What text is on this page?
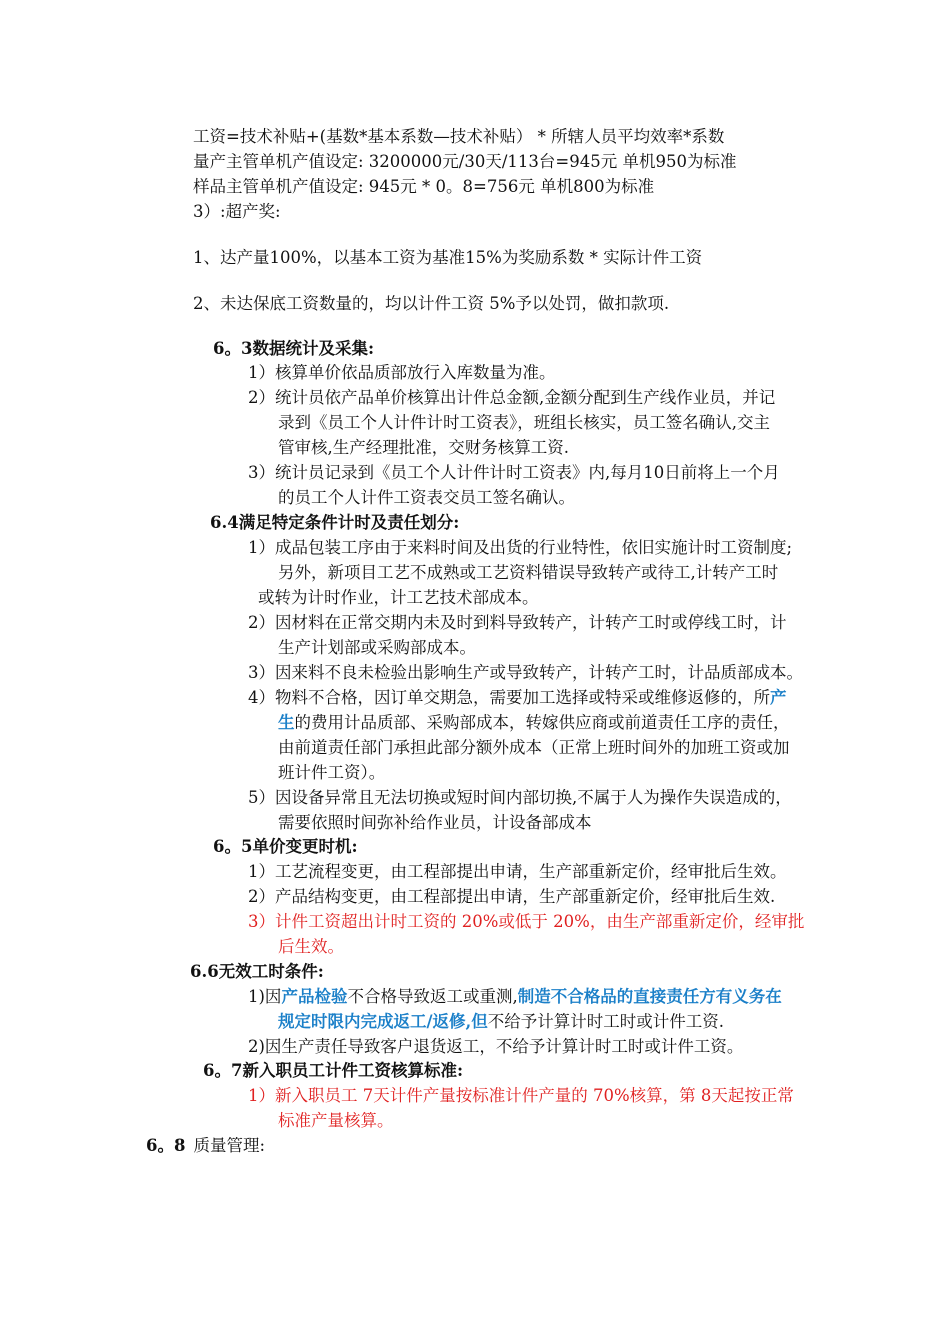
工资=技术补贴+(基数*基本系数—技术补贴） * 所辖人员平均效率*系数
量产主管单机产值设定: 3200000元/30天/113台=945元 单机950为标准
样品主管单机产值设定: 945元 * 0。8=756元 单机800为标准
3）:超产奖:
1、达产量100%，以基本工资为基准15%为奖励系数 * 实际计件工资
2、未达保底工资数量的，均以计件工资 5%予以处罚，做扣款项.
6。3数据统计及采集:
1）核算单价依品质部放行入库数量为准。
2）统计员依产品单价核算出计件总金额,金额分配到生产线作业员，并记
录到《员工个人计件计时工资表》，班组长核实，员工签名确认,交主
管审核,生产经理批准，交财务核算工资.
3）统计员记录到《员工个人计件计时工资表》内,每月10日前将上一个月
的员工个人计件工资表交员工签名确认。
6.4满足特定条件计时及责任划分:
1）成品包装工序由于来料时间及出货的行业特性，依旧实施计时工资制度;
另外，新项目工艺不成熟或工艺资料错误导致转产或待工,计转产工时
或转为计时作业，计工艺技术部成本。
2）因材料在正常交期内未及时到料导致转产，计转产工时或停线工时，计
生产计划部或采购部成本。
3）因来料不良未检验出影响生产或导致转产，计转产工时，计品质部成本。
4）物料不合格，因订单交期急，需要加工选择或特采或维修返修的，所产
生的费用计品质部、采购部成本，转嫁供应商或前道责任工序的责任，
由前道责任部门承担此部分额外成本（正常上班时间外的加班工资或加
班计件工资）。
5）因设备异常且无法切换或短时间内部切换,不属于人为操作失误造成的，
需要依照时间弥补给作业员，计设备部成本
6。5单价变更时机:
1）工艺流程变更，由工程部提出申请，生产部重新定价，经审批后生效。
2）产品结构变更，由工程部提出申请，生产部重新定价，经审批后生效.
3）计件工资超出计时工资的 20%或低于 20%，由生产部重新定价，经审批
后生效。
6.6无效工时条件:
1)因产品检验不合格导致返工或重测,制造不合格品的直接责任方有义务在
规定时限内完成返工/返修,但不给予计算计时工时或计件工资.
2)因生产责任导致客户退货返工，不给予计算计时工时或计件工资。
6。7新入职员工计件工资核算标准:
1）新入职员工 7天计件产量按标准计件产量的 70%核算，第 8天起按正常
标准产量核算。
6。8 质量管理:
